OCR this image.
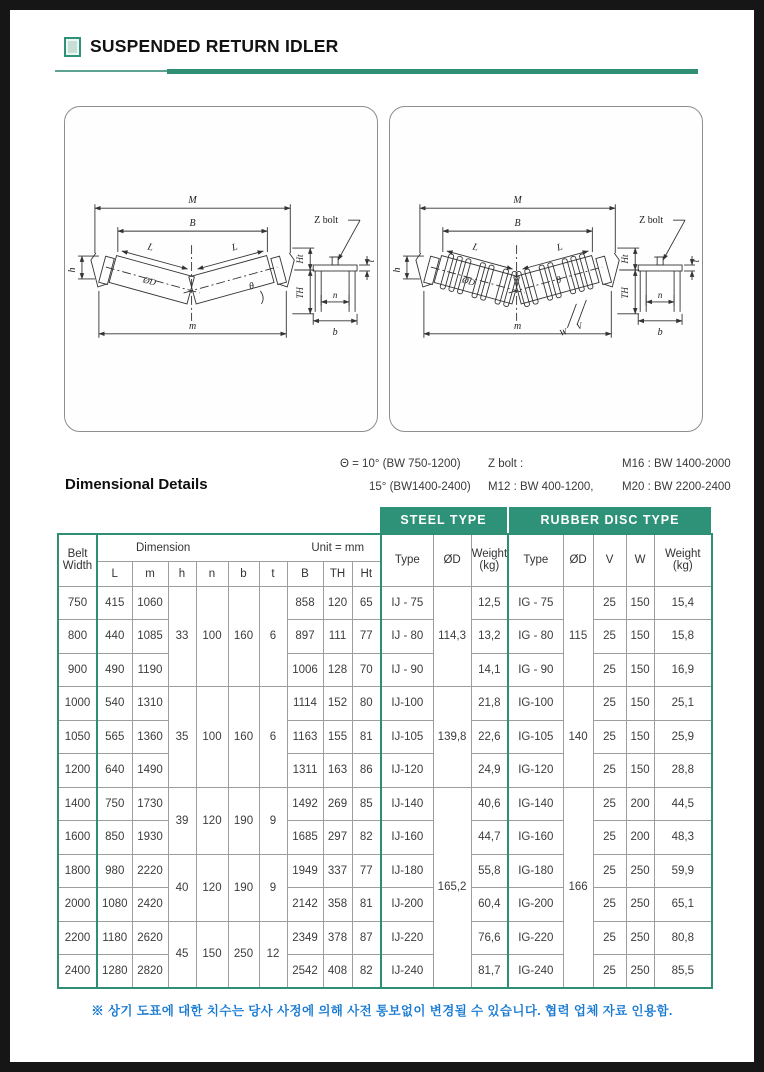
SUSPENDED RETURN IDLER
M
B
L	L
h
ØD	θ
m
Ht
TH
Z bolt
t
n
b
M
B
L	L
h
ØD	θ
m
Ht
TH
Z bolt
t
n
b
W
V
Dimensional Details
Θ = 10° (BW 750-1200)
15° (BW1400-2400)
Z bolt :
M12 : BW 400-1200,
M16 : BW 1400-2000
M20 : BW 2200-2400
STEEL TYPE	RUBBER DISC TYPE
Belt
Width	Dimension Unit = mm									Type	ØD	Weight
(kg)	Type	ØD	V	W	Weight
(kg)

	L	m	h	n	b	t	B	TH	Ht								
750	415	1060	33	100	160	6	858	120	65	IJ - 75	114,3	12,5	IG - 75	115	25	150	15,4
800	440	1085					897	111	77	IJ - 80		13,2	IG - 80		25	150	15,8
900	490	1190					1006	128	70	IJ - 90		14,1	IG - 90		25	150	16,9
1000	540	1310	35	100	160	6	1114	152	80	IJ-100	139,8	21,8	IG-100	140	25	150	25,1
1050	565	1360					1163	155	81	IJ-105		22,6	IG-105		25	150	25,9
1200	640	1490					1311	163	86	IJ-120		24,9	IG-120		25	150	28,8
1400	750	1730	39	120	190	9	1492	269	85	IJ-140	165,2	40,6	IG-140	166	25	200	44,5
1600	850	1930					1685	297	82	IJ-160		44,7	IG-160		25	200	48,3
1800	980	2220	40	120	190	9	1949	337	77	IJ-180		55,8	IG-180		25	250	59,9
2000	1080	2420					2142	358	81	IJ-200		60,4	IG-200		25	250	65,1
2200	1180	2620	45	150	250	12	2349	378	87	IJ-220		76,6	IG-220		25	250	80,8
2400	1280	2820					2542	408	82	IJ-240		81,7	IG-240		25	250	85,5

※ 상기 도표에 대한 치수는 당사 사정에 의해 사전 통보없이 변경될 수 있습니다. 협력 업체 자료 인용함.
